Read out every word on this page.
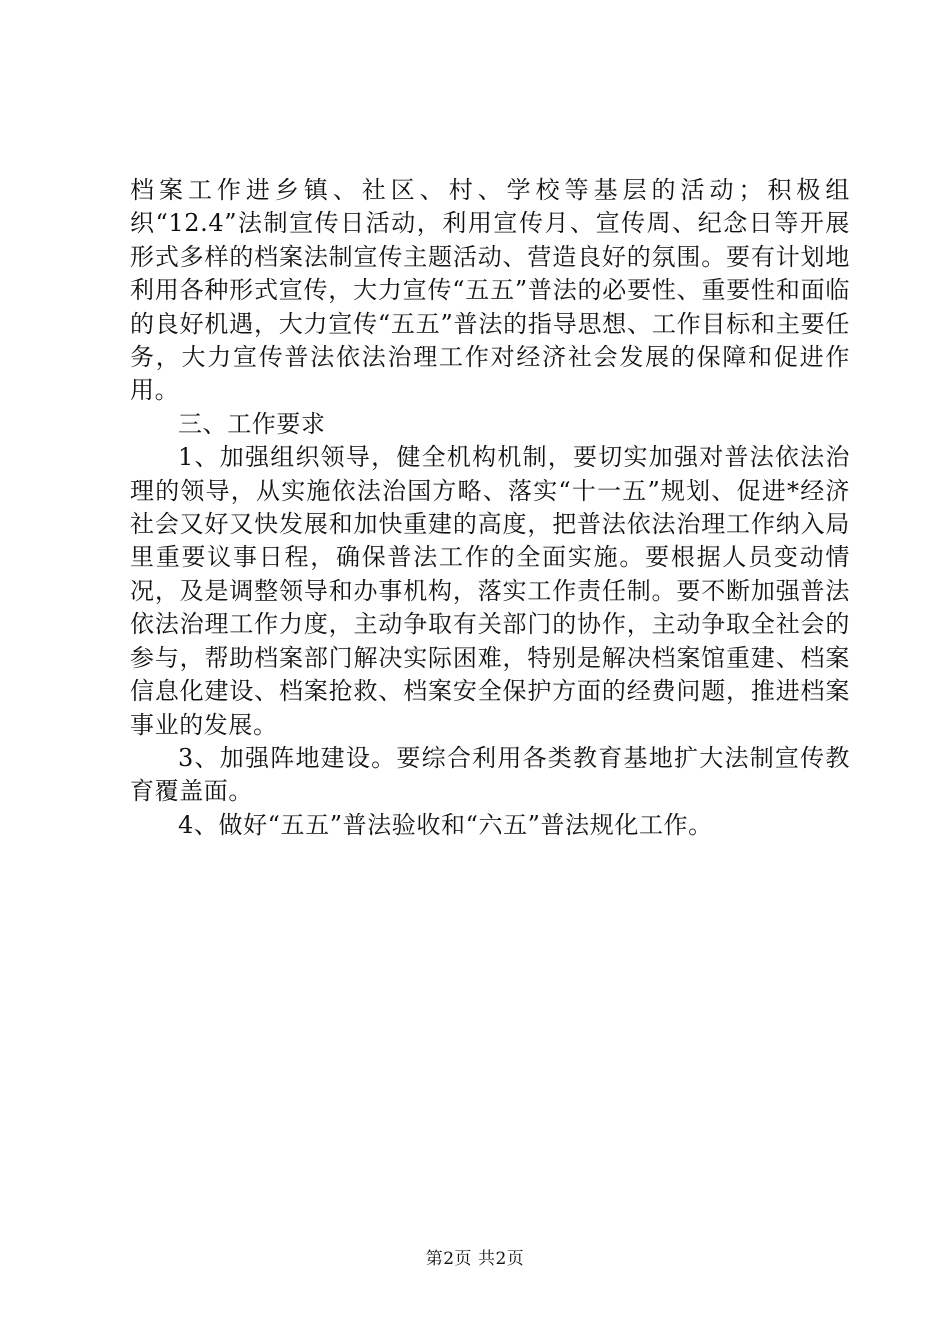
档案工作进乡镇、社区、村、学校等基层的活动；积极组织“12.4”法制宣传日活动，利用宣传月、宣传周、纪念日等开展形式多样的档案法制宣传主题活动、营造良好的氛围。要有计划地利用各种形式宣传，大力宣传“五五”普法的必要性、重要性和面临的良好机遇，大力宣传“五五”普法的指导思想、工作目标和主要任务，大力宣传普法依法治理工作对经济社会发展的保障和促进作用。

三、工作要求

1、加强组织领导，健全机构机制，要切实加强对普法依法治理的领导，从实施依法治国方略、落实“十一五”规划、促进*经济社会又好又快发展和加快重建的高度，把普法依法治理工作纳入局里重要议事日程，确保普法工作的全面实施。要根据人员变动情况，及是调整领导和办事机构，落实工作责任制。要不断加强普法依法治理工作力度，主动争取有关部门的协作，主动争取全社会的参与，帮助档案部门解决实际困难，特别是解决档案馆重建、档案信息化建设、档案抢救、档案安全保护方面的经费问题，推进档案事业的发展。

3、加强阵地建设。要综合利用各类教育基地扩大法制宣传教育覆盖面。

4、做好“五五”普法验收和“六五”普法规化工作。

第2页 共2页
